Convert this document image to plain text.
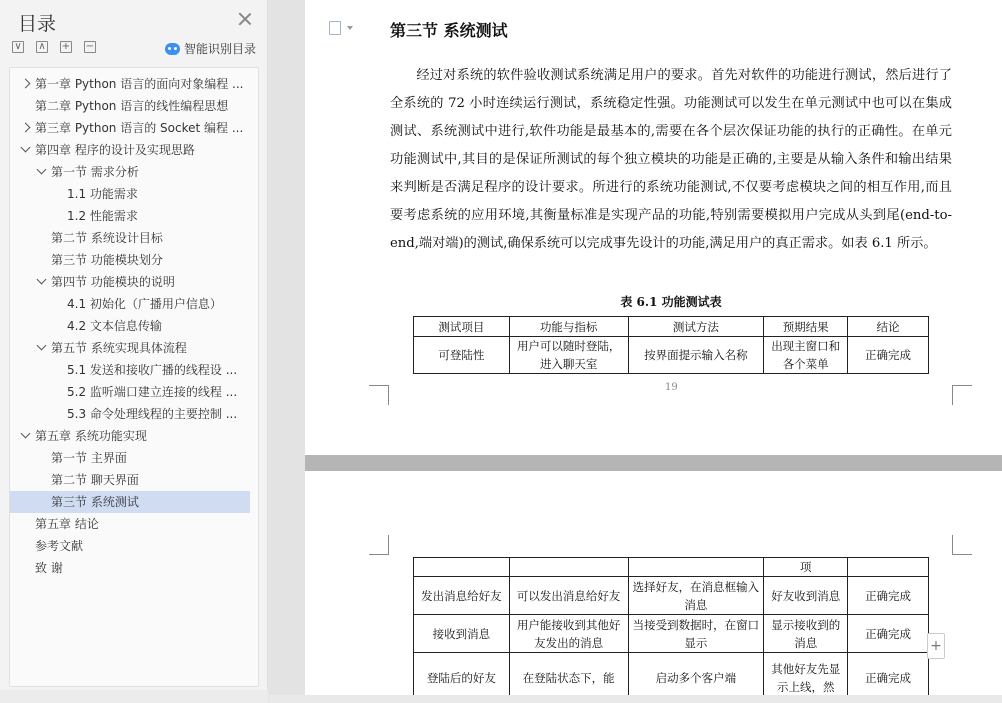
目录
∨ ∧ + −	智能识别目录
第一章 Python 语言的面向对象编程 ...
第二章 Python 语言的线性编程思想
第三章 Python 语言的 Socket 编程 ...
第四章 程序的设计及实现思路
第一节 需求分析
1.1 功能需求
1.2 性能需求
第二节 系统设计目标
第三节 功能模块划分
第四节 功能模块的说明
4.1 初始化（广播用户信息）
4.2 文本信息传输
第五节 系统实现具体流程
5.1 发送和接收广播的线程设 ...
5.2 监听端口建立连接的线程 ...
5.3 命令处理线程的主要控制 ...
第五章 系统功能实现
第一节 主界面
第二节 聊天界面
第三节 系统测试
第五章 结论
参考文献
致 谢
第三节 系统测试

经过对系统的软件验收测试系统满足用户的要求。首先对软件的功能进行测试，然后进行了全系统的 72 小时连续运行测试，系统稳定性强。功能测试可以发生在单元测试中也可以在集成测试、系统测试中进行,软件功能是最基本的,需要在各个层次保证功能的执行的正确性。在单元功能测试中,其目的是保证所测试的每个独立模块的功能是正确的,主要是从输入条件和输出结果来判断是否满足程序的设计要求。所进行的系统功能测试,不仅要考虑模块之间的相互作用,而且要考虑系统的应用环境,其衡量标准是实现产品的功能,特别需要模拟用户完成从头到尾(end-to-end,端对端)的测试,确保系统可以完成事先设计的功能,满足用户的真正需求。如表 6.1 所示。

表 6.1 功能测试表
测试项目	功能与指标	测试方法	预期结果	结论
可登陆性	用户可以随时登陆，进入聊天室	按界面提示输入名称	出现主窗口和各个菜单	正确完成
19
			项	
发出消息给好友	可以发出消息给好友	选择好友，在消息框输入消息	好友收到消息	正确完成
接收到消息	用户能接收到其他好友发出的消息	当接受到数据时，在窗口显示	显示接收到的消息	正确完成
登陆后的好友	在登陆状态下，能	启动多个客户端	其他好友先显示上线，然	正确完成
+
